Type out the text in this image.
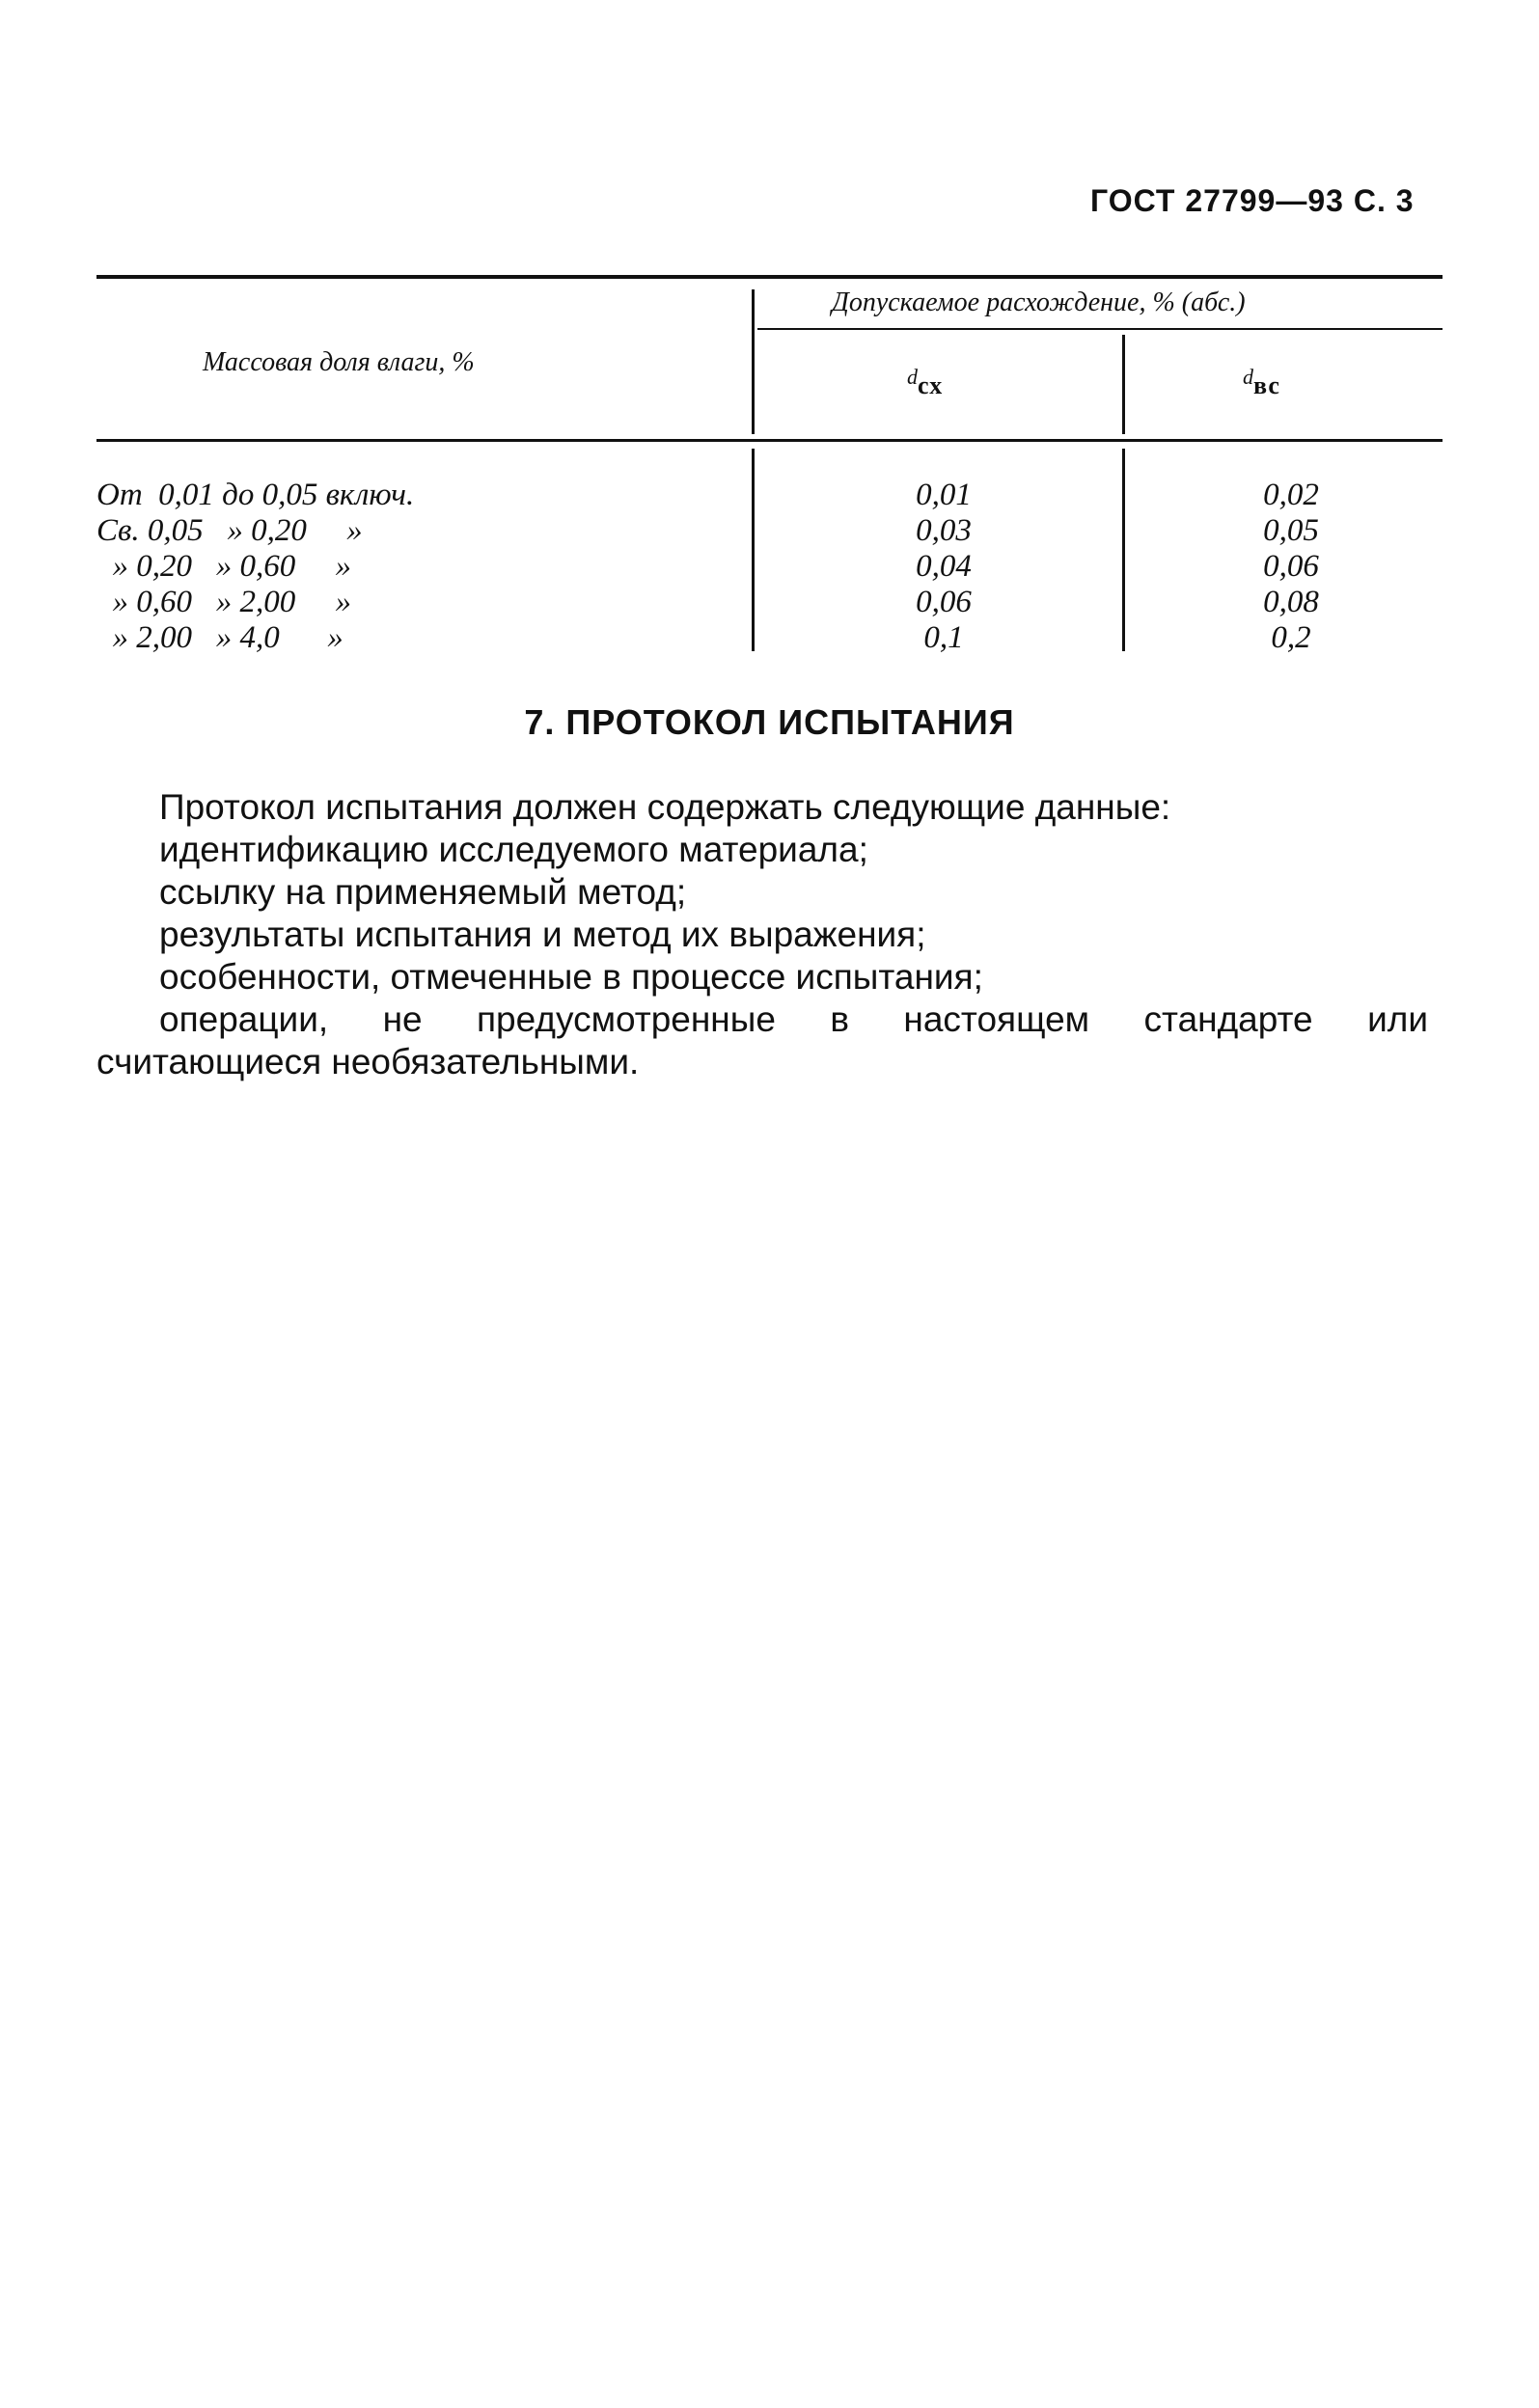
ГОСТ 27799—93 С. 3
Массовая доля влаги, %
Допускаемое расхождение, % (абс.)
$^d$сх	$^d$вс
От  0,01 до 0,05 включ.	0,01	0,02
Св. 0,05   » 0,20     »	0,03	0,05
» 0,20   » 0,60     »	0,04	0,06
» 0,60   » 2,00     »	0,06	0,08
» 2,00   » 4,0      »	0,1	0,2
7. ПРОТОКОЛ ИСПЫТАНИЯ
Протокол испытания должен содержать следующие данные:
идентификацию исследуемого материала;
ссылку на применяемый метод;
результаты испытания и метод их выражения;
особенности, отмеченные в процессе испытания;
операции, не предусмотренные в настоящем стандарте или
считающиеся необязательными.
